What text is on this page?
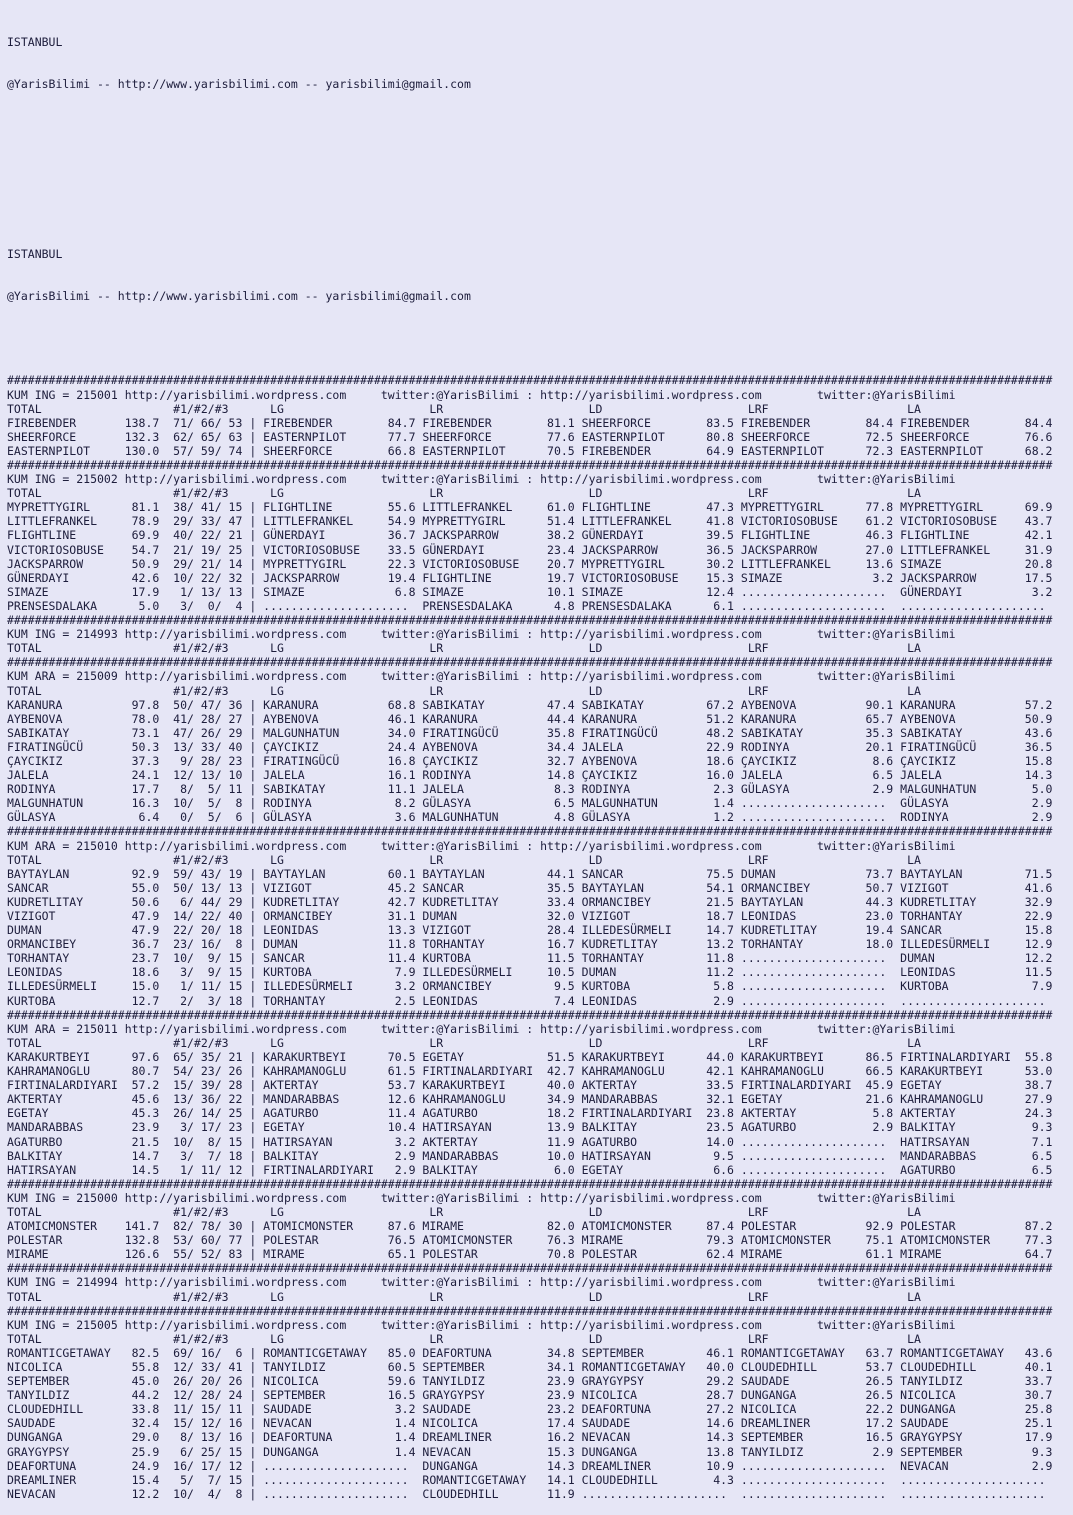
ISTANBUL

@YarisBilimi -- http://www.yarisbilimi.com -- yarisbilimi@gmail.com

ISTANBUL

@YarisBilimi -- http://www.yarisbilimi.com -- yarisbilimi@gmail.com

#######################################################################################################################################################
KUM ING = 215001 http://yarisbilimi.wordpress.com     twitter:@YarisBilimi : http://yarisbilimi.wordpress.com        twitter:@YarisBilimi
TOTAL                   #1/#2/#3      LG                     LR                     LD                     LRF                    LA
FIREBENDER       138.7  71/ 66/ 53 | FIREBENDER        84.7 FIREBENDER        81.1 SHEERFORCE        83.5 FIREBENDER        84.4 FIREBENDER        84.4
SHEERFORCE       132.3  62/ 65/ 63 | EASTERNPILOT      77.7 SHEERFORCE        77.6 EASTERNPILOT      80.8 SHEERFORCE        72.5 SHEERFORCE        76.6
EASTERNPILOT     130.0  57/ 59/ 74 | SHEERFORCE        66.8 EASTERNPILOT      70.5 FIREBENDER        64.9 EASTERNPILOT      72.3 EASTERNPILOT      68.2
#######################################################################################################################################################
KUM ING = 215002 http://yarisbilimi.wordpress.com     twitter:@YarisBilimi : http://yarisbilimi.wordpress.com        twitter:@YarisBilimi
TOTAL                   #1/#2/#3      LG                     LR                     LD                     LRF                    LA
MYPRETTYGIRL      81.1  38/ 41/ 15 | FLIGHTLINE        55.6 LITTLEFRANKEL     61.0 FLIGHTLINE        47.3 MYPRETTYGIRL      77.8 MYPRETTYGIRL      69.9
LITTLEFRANKEL     78.9  29/ 33/ 47 | LITTLEFRANKEL     54.9 MYPRETTYGIRL      51.4 LITTLEFRANKEL     41.8 VICTORIOSOBUSE    61.2 VICTORIOSOBUSE    43.7
FLIGHTLINE        69.9  40/ 22/ 21 | GÜNERDAYI         36.7 JACKSPARROW       38.2 GÜNERDAYI         39.5 FLIGHTLINE        46.3 FLIGHTLINE        42.1
VICTORIOSOBUSE    54.7  21/ 19/ 25 | VICTORIOSOBUSE    33.5 GÜNERDAYI         23.4 JACKSPARROW       36.5 JACKSPARROW       27.0 LITTLEFRANKEL     31.9
JACKSPARROW       50.9  29/ 21/ 14 | MYPRETTYGIRL      22.3 VICTORIOSOBUSE    20.7 MYPRETTYGIRL      30.2 LITTLEFRANKEL     13.6 SIMAZE            20.8
GÜNERDAYI         42.6  10/ 22/ 32 | JACKSPARROW       19.4 FLIGHTLINE        19.7 VICTORIOSOBUSE    15.3 SIMAZE             3.2 JACKSPARROW       17.5
SIMAZE            17.9   1/ 13/ 13 | SIMAZE             6.8 SIMAZE            10.1 SIMAZE            12.4 .....................  GÜNERDAYI          3.2
PRENSESDALAKA      5.0   3/  0/  4 | .....................  PRENSESDALAKA      4.8 PRENSESDALAKA      6.1 .....................  .....................
#######################################################################################################################################################
KUM ING = 214993 http://yarisbilimi.wordpress.com     twitter:@YarisBilimi : http://yarisbilimi.wordpress.com        twitter:@YarisBilimi
TOTAL                   #1/#2/#3      LG                     LR                     LD                     LRF                    LA
#######################################################################################################################################################
KUM ARA = 215009 http://yarisbilimi.wordpress.com     twitter:@YarisBilimi : http://yarisbilimi.wordpress.com        twitter:@YarisBilimi
TOTAL                   #1/#2/#3      LG                     LR                     LD                     LRF                    LA
KARANURA          97.8  50/ 47/ 36 | KARANURA          68.8 SABIKATAY         47.4 SABIKATAY         67.2 AYBENOVA          90.1 KARANURA          57.2
AYBENOVA          78.0  41/ 28/ 27 | AYBENOVA          46.1 KARANURA          44.4 KARANURA          51.2 KARANURA          65.7 AYBENOVA          50.9
SABIKATAY         73.1  47/ 26/ 29 | MALGUNHATUN       34.0 FIRATINGÜCÜ       35.8 FIRATINGÜCÜ       48.2 SABIKATAY         35.3 SABIKATAY         43.6
FIRATINGÜCÜ       50.3  13/ 33/ 40 | ÇAYCIKIZ          24.4 AYBENOVA          34.4 JALELA            22.9 RODINYA           20.1 FIRATINGÜCÜ       36.5
ÇAYCIKIZ          37.3   9/ 28/ 23 | FIRATINGÜCÜ       16.8 ÇAYCIKIZ          32.7 AYBENOVA          18.6 ÇAYCIKIZ           8.6 ÇAYCIKIZ          15.8
JALELA            24.1  12/ 13/ 10 | JALELA            16.1 RODINYA           14.8 ÇAYCIKIZ          16.0 JALELA             6.5 JALELA            14.3
RODINYA           17.7   8/  5/ 11 | SABIKATAY         11.1 JALELA             8.3 RODINYA            2.3 GÜLASYA            2.9 MALGUNHATUN        5.0
MALGUNHATUN       16.3  10/  5/  8 | RODINYA            8.2 GÜLASYA            6.5 MALGUNHATUN        1.4 .....................  GÜLASYA            2.9
GÜLASYA            6.4   0/  5/  6 | GÜLASYA            3.6 MALGUNHATUN        4.8 GÜLASYA            1.2 .....................  RODINYA            2.9
#######################################################################################################################################################
KUM ARA = 215010 http://yarisbilimi.wordpress.com     twitter:@YarisBilimi : http://yarisbilimi.wordpress.com        twitter:@YarisBilimi
TOTAL                   #1/#2/#3      LG                     LR                     LD                     LRF                    LA
BAYTAYLAN         92.9  59/ 43/ 19 | BAYTAYLAN         60.1 BAYTAYLAN         44.1 SANCAR            75.5 DUMAN             73.7 BAYTAYLAN         71.5
SANCAR            55.0  50/ 13/ 13 | VIZIGOT           45.2 SANCAR            35.5 BAYTAYLAN         54.1 ORMANCIBEY        50.7 VIZIGOT           41.6
KUDRETLITAY       50.6   6/ 44/ 29 | KUDRETLITAY       42.7 KUDRETLITAY       33.4 ORMANCIBEY        21.5 BAYTAYLAN         44.3 KUDRETLITAY       32.9
VIZIGOT           47.9  14/ 22/ 40 | ORMANCIBEY        31.1 DUMAN             32.0 VIZIGOT           18.7 LEONIDAS          23.0 TORHANTAY         22.9
DUMAN             47.9  22/ 20/ 18 | LEONIDAS          13.3 VIZIGOT           28.4 ILLEDESÜRMELI     14.7 KUDRETLITAY       19.4 SANCAR            15.8
ORMANCIBEY        36.7  23/ 16/  8 | DUMAN             11.8 TORHANTAY         16.7 KUDRETLITAY       13.2 TORHANTAY         18.0 ILLEDESÜRMELI     12.9
TORHANTAY         23.7  10/  9/ 15 | SANCAR            11.4 KURTOBA           11.5 TORHANTAY         11.8 .....................  DUMAN             12.2
LEONIDAS          18.6   3/  9/ 15 | KURTOBA            7.9 ILLEDESÜRMELI     10.5 DUMAN             11.2 .....................  LEONIDAS          11.5
ILLEDESÜRMELI     15.0   1/ 11/ 15 | ILLEDESÜRMELI      3.2 ORMANCIBEY         9.5 KURTOBA            5.8 .....................  KURTOBA            7.9
KURTOBA           12.7   2/  3/ 18 | TORHANTAY          2.5 LEONIDAS           7.4 LEONIDAS           2.9 .....................  .....................
#######################################################################################################################################################
KUM ARA = 215011 http://yarisbilimi.wordpress.com     twitter:@YarisBilimi : http://yarisbilimi.wordpress.com        twitter:@YarisBilimi
TOTAL                   #1/#2/#3      LG                     LR                     LD                     LRF                    LA
KARAKURTBEYI      97.6  65/ 35/ 21 | KARAKURTBEYI      70.5 EGETAY            51.5 KARAKURTBEYI      44.0 KARAKURTBEYI      86.5 FIRTINALARDIYARI  55.8
KAHRAMANOGLU      80.7  54/ 23/ 26 | KAHRAMANOGLU      61.5 FIRTINALARDIYARI  42.7 KAHRAMANOGLU      42.1 KAHRAMANOGLU      66.5 KARAKURTBEYI      53.0
FIRTINALARDIYARI  57.2  15/ 39/ 28 | AKTERTAY          53.7 KARAKURTBEYI      40.0 AKTERTAY          33.5 FIRTINALARDIYARI  45.9 EGETAY            38.7
AKTERTAY          45.6  13/ 36/ 22 | MANDARABBAS       12.6 KAHRAMANOGLU      34.9 MANDARABBAS       32.1 EGETAY            21.6 KAHRAMANOGLU      27.9
EGETAY            45.3  26/ 14/ 25 | AGATURBO          11.4 AGATURBO          18.2 FIRTINALARDIYARI  23.8 AKTERTAY           5.8 AKTERTAY          24.3
MANDARABBAS       23.9   3/ 17/ 23 | EGETAY            10.4 HATIRSAYAN        13.9 BALKITAY          23.5 AGATURBO           2.9 BALKITAY           9.3
AGATURBO          21.5  10/  8/ 15 | HATIRSAYAN         3.2 AKTERTAY          11.9 AGATURBO          14.0 .....................  HATIRSAYAN         7.1
BALKITAY          14.7   3/  7/ 18 | BALKITAY           2.9 MANDARABBAS       10.0 HATIRSAYAN         9.5 .....................  MANDARABBAS        6.5
HATIRSAYAN        14.5   1/ 11/ 12 | FIRTINALARDIYARI   2.9 BALKITAY           6.0 EGETAY             6.6 .....................  AGATURBO           6.5
#######################################################################################################################################################
KUM ING = 215000 http://yarisbilimi.wordpress.com     twitter:@YarisBilimi : http://yarisbilimi.wordpress.com        twitter:@YarisBilimi
TOTAL                   #1/#2/#3      LG                     LR                     LD                     LRF                    LA
ATOMICMONSTER    141.7  82/ 78/ 30 | ATOMICMONSTER     87.6 MIRAME            82.0 ATOMICMONSTER     87.4 POLESTAR          92.9 POLESTAR          87.2
POLESTAR         132.8  53/ 60/ 77 | POLESTAR          76.5 ATOMICMONSTER     76.3 MIRAME            79.3 ATOMICMONSTER     75.1 ATOMICMONSTER     77.3
MIRAME           126.6  55/ 52/ 83 | MIRAME            65.1 POLESTAR          70.8 POLESTAR          62.4 MIRAME            61.1 MIRAME            64.7
#######################################################################################################################################################
KUM ING = 214994 http://yarisbilimi.wordpress.com     twitter:@YarisBilimi : http://yarisbilimi.wordpress.com        twitter:@YarisBilimi
TOTAL                   #1/#2/#3      LG                     LR                     LD                     LRF                    LA
#######################################################################################################################################################
KUM ING = 215005 http://yarisbilimi.wordpress.com     twitter:@YarisBilimi : http://yarisbilimi.wordpress.com        twitter:@YarisBilimi
TOTAL                   #1/#2/#3      LG                     LR                     LD                     LRF                    LA
ROMANTICGETAWAY   82.5  69/ 16/  6 | ROMANTICGETAWAY   85.0 DEAFORTUNA        34.8 SEPTEMBER         46.1 ROMANTICGETAWAY   63.7 ROMANTICGETAWAY   43.6
NICOLICA          55.8  12/ 33/ 41 | TANYILDIZ         60.5 SEPTEMBER         34.1 ROMANTICGETAWAY   40.0 CLOUDEDHILL       53.7 CLOUDEDHILL       40.1
SEPTEMBER         45.0  26/ 20/ 26 | NICOLICA          59.6 TANYILDIZ         23.9 GRAYGYPSY         29.2 SAUDADE           26.5 TANYILDIZ         33.7
TANYILDIZ         44.2  12/ 28/ 24 | SEPTEMBER         16.5 GRAYGYPSY         23.9 NICOLICA          28.7 DUNGANGA          26.5 NICOLICA          30.7
CLOUDEDHILL       33.8  11/ 15/ 11 | SAUDADE            3.2 SAUDADE           23.2 DEAFORTUNA        27.2 NICOLICA          22.2 DUNGANGA          25.8
SAUDADE           32.4  15/ 12/ 16 | NEVACAN            1.4 NICOLICA          17.4 SAUDADE           14.6 DREAMLINER        17.2 SAUDADE           25.1
DUNGANGA          29.0   8/ 13/ 16 | DEAFORTUNA         1.4 DREAMLINER        16.2 NEVACAN           14.3 SEPTEMBER         16.5 GRAYGYPSY         17.9
GRAYGYPSY         25.9   6/ 25/ 15 | DUNGANGA           1.4 NEVACAN           15.3 DUNGANGA          13.8 TANYILDIZ          2.9 SEPTEMBER          9.3
DEAFORTUNA        24.9  16/ 17/ 12 | .....................  DUNGANGA          14.3 DREAMLINER        10.9 .....................  NEVACAN            2.9
DREAMLINER        15.4   5/  7/ 15 | .....................  ROMANTICGETAWAY   14.1 CLOUDEDHILL        4.3 .....................  .....................
NEVACAN           12.2  10/  4/  8 | .....................  CLOUDEDHILL       11.9 .....................  .....................  .....................
